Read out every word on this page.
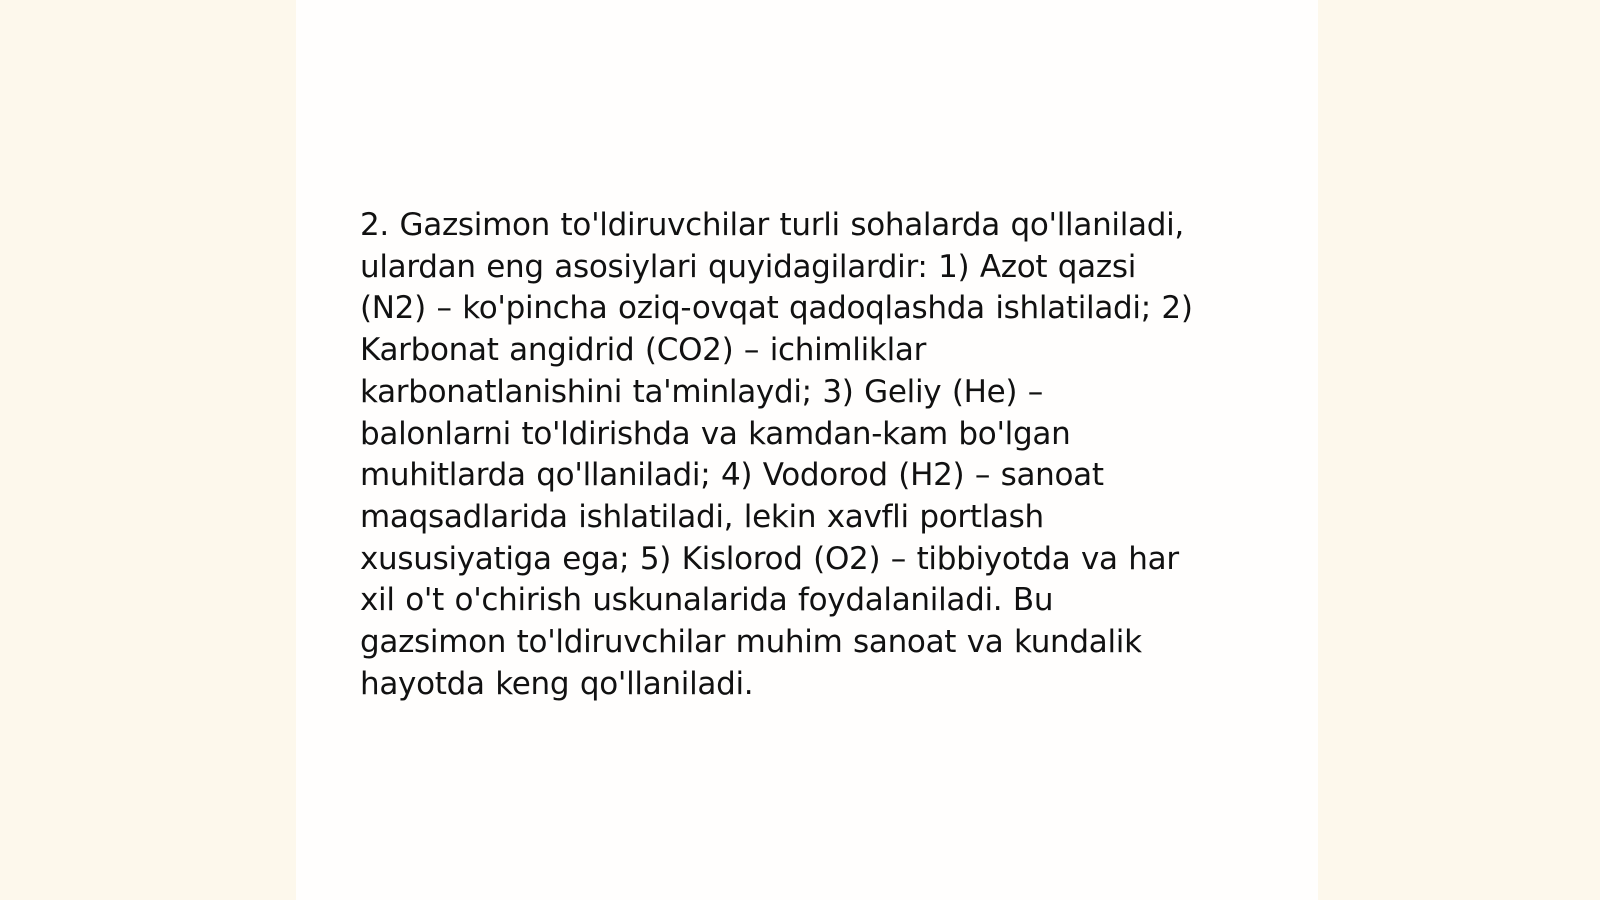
2. Gazsimon to'ldiruvchilar turli sohalarda qo'llaniladi,
ulardan eng asosiylari quyidagilardir: 1) Azot qazsi
(N2) – ko'pincha oziq-ovqat qadoqlashda ishlatiladi; 2)
Karbonat angidrid (CO2) – ichimliklar
karbonatlanishini ta'minlaydi; 3) Geliy (He) –
balonlarni to'ldirishda va kamdan-kam bo'lgan
muhitlarda qo'llaniladi; 4) Vodorod (H2) – sanoat
maqsadlarida ishlatiladi, lekin xavfli portlash
xususiyatiga ega; 5) Kislorod (O2) – tibbiyotda va har
xil o't o'chirish uskunalarida foydalaniladi. Bu
gazsimon to'ldiruvchilar muhim sanoat va kundalik
hayotda keng qo'llaniladi.
